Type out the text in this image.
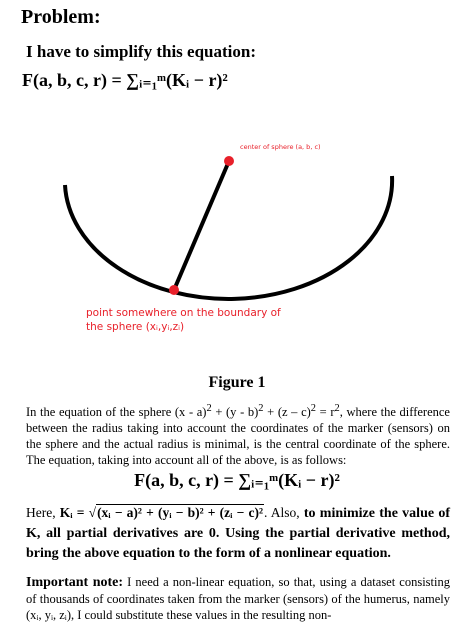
Problem:
I have to simplify this equation:
F(a, b, c, r) = ∑ᵢ₌₁ᵐ(Kᵢ − r)²
center of sphere (a, b, c)
point somewhere on the boundary of
the sphere (xᵢ,yᵢ,zᵢ)
Figure 1
In the equation of the sphere $(x - a)^2 + (y - b)^2 + (z - c)^2 = r^2$, where the difference between the radius taking into account the coordinates of the marker (sensors) on the sphere and the actual radius is minimal, is the central coordinate of the sphere. The equation, taking into account all of the above, is as follows:
F(a, b, c, r) = ∑ᵢ₌₁ᵐ(Kᵢ − r)²
Here, Kᵢ = √(xᵢ − a)² + (yᵢ − b)² + (zᵢ − c)². Also, to minimize the value of K, all partial derivatives are 0. Using the partial derivative method, bring the above equation to the form of a nonlinear equation.
Important note: I need a non-linear equation, so that, using a dataset consisting of thousands of coordinates taken from the marker (sensors) of the humerus, namely (xᵢ, yᵢ, zᵢ), I could substitute these values in the resulting non-
